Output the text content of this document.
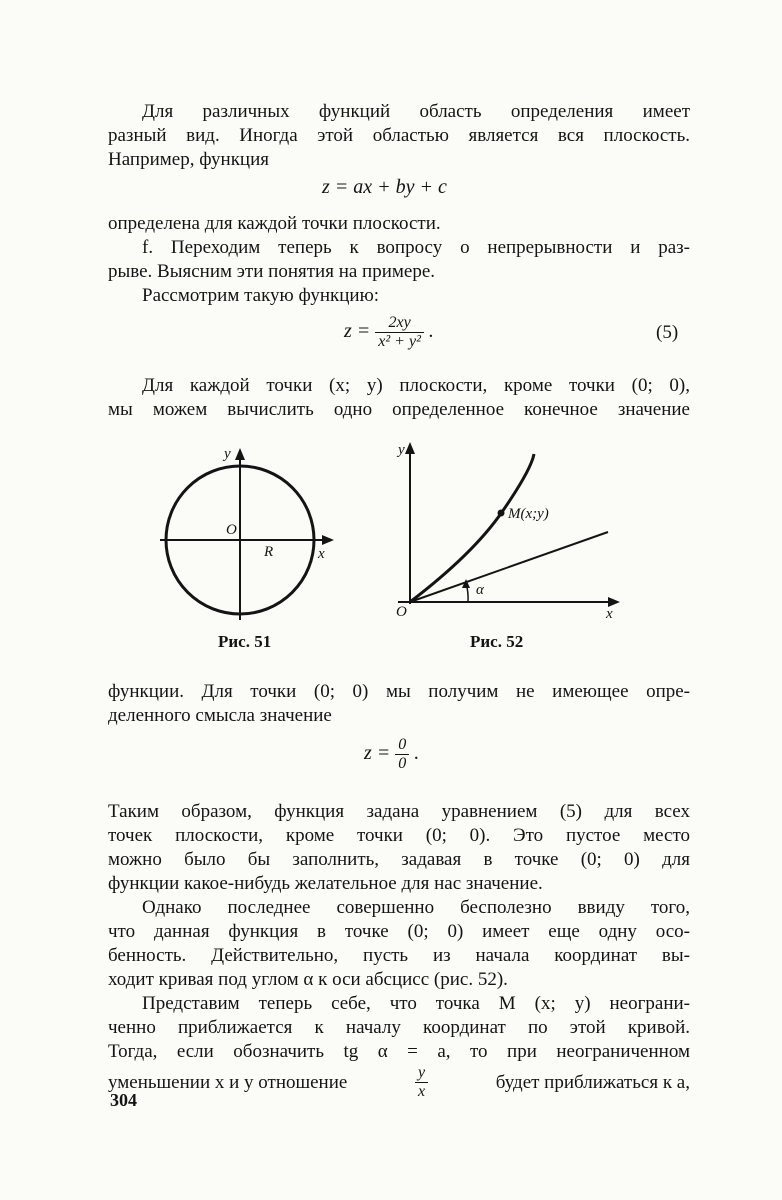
Для различных функций область определения имеет
разный вид. Иногда этой областью является вся плоскость.
Например, функция
z = ax + by + c
определена для каждой точки плоскости.
f. Переходим теперь к вопросу о непрерывности и раз-
рыве. Выясним эти понятия на примере.
Рассмотрим такую функцию:
$z = \frac{2xy}{\text{x² + y²}}$ .	(5)
Для каждой точки (x; y) плоскости, кроме точки (0; 0),
мы можем вычислить одно определенное конечное значение
y
x
O
R
Рис. 51
y
x
O
M(x;y)
α
Рис. 52
функции. Для точки (0; 0) мы получим не имеющее опре-
деленного смысла значение
$z = \frac{0}{0}$ .
Таким образом, функция задана уравнением (5) для всех
точек плоскости, кроме точки (0; 0). Это пустое место
можно было бы заполнить, задавая в точке (0; 0) для
функции какое-нибудь желательное для нас значение.
Однако последнее совершенно бесполезно ввиду того,
что данная функция в точке (0; 0) имеет еще одну осо-
бенность. Действительно, пусть из начала координат вы-
ходит кривая под углом α к оси абсцисс (рис. 52).
Представим теперь себе, что точка M (x; y) неограни-
ченно приближается к началу координат по этой кривой.
Тогда, если обозначить tg α = a, то при неограниченном
уменьшении x и y отношение	$\frac{y}{x}$	будет приближаться к a,
304
